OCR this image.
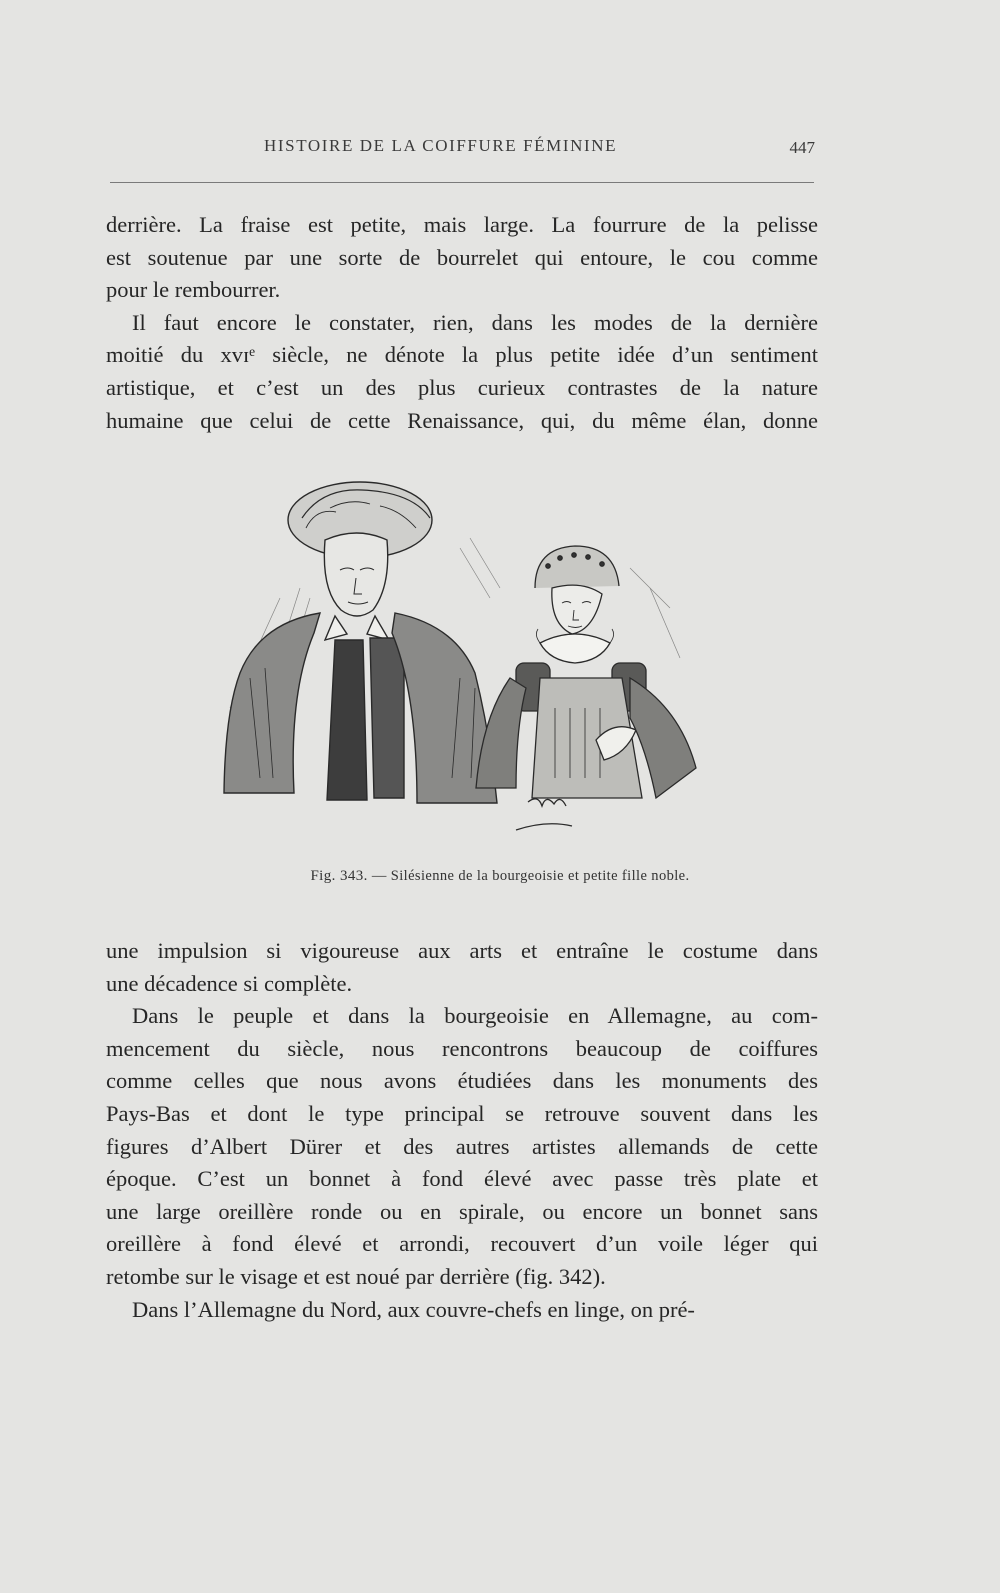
HISTOIRE DE LA COIFFURE FÉMININE	447

derrière. La fraise est petite, mais large. La fourrure de la pelisse

est soutenue par une sorte de bourrelet qui entoure, le cou comme

pour le rembourrer.

Il faut encore le constater, rien, dans les modes de la dernière

moitié du xvɪᵉ siècle, ne dénote la plus petite idée d’un sentiment

artistique, et c’est un des plus curieux contrastes de la nature

humaine que celui de cette Renaissance, qui, du même élan, donne

Fig. 343. — Silésienne de la bourgeoisie et petite fille noble.

une impulsion si vigoureuse aux arts et entraîne le costume dans

une décadence si complète.

Dans le peuple et dans la bourgeoisie en Allemagne, au com-

mencement du siècle, nous rencontrons beaucoup de coiffures

comme celles que nous avons étudiées dans les monuments des

Pays-Bas et dont le type principal se retrouve souvent dans les

figures d’Albert Dürer et des autres artistes allemands de cette

époque. C’est un bonnet à fond élevé avec passe très plate et

une large oreillère ronde ou en spirale, ou encore un bonnet sans

oreillère à fond élevé et arrondi, recouvert d’un voile léger qui

retombe sur le visage et est noué par derrière (fig. 342).

Dans l’Allemagne du Nord, aux couvre-chefs en linge, on pré-
